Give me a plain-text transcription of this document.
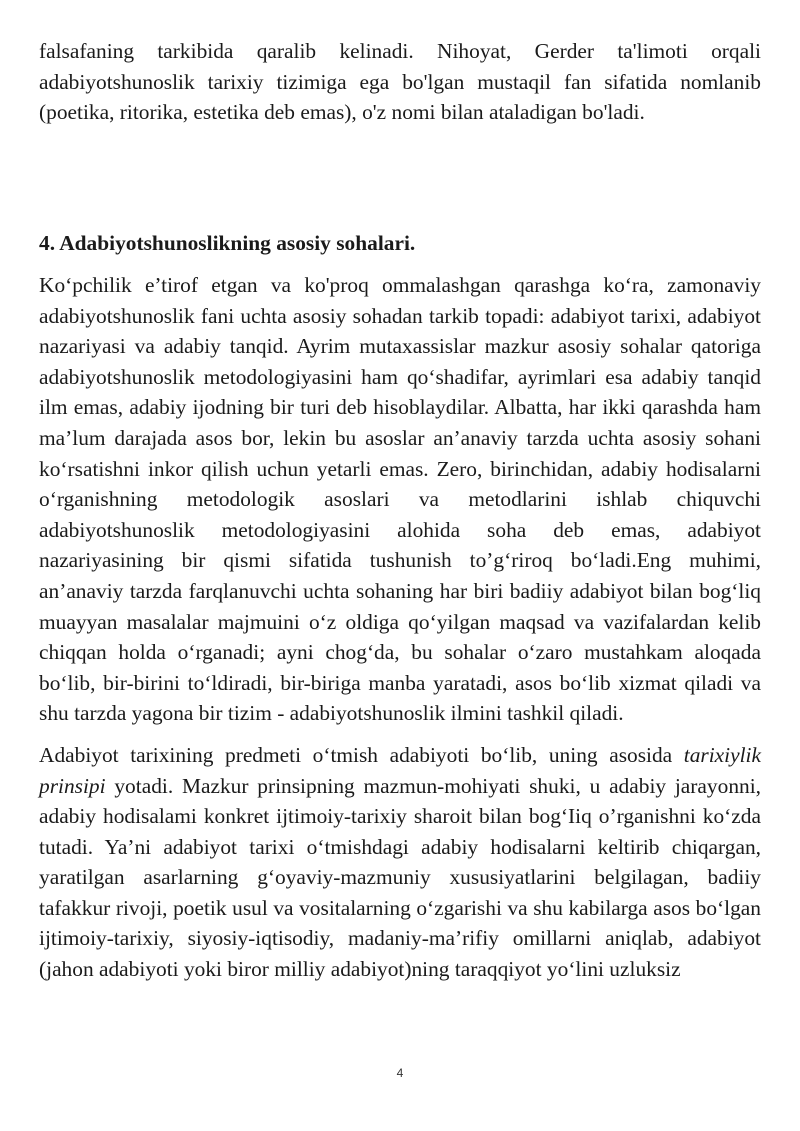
falsafaning tarkibida qaralib kelinadi. Nihoyat, Gerder ta'limoti orqali adabiyotshunoslik tarixiy tizimiga ega bo'lgan mustaqil fan sifatida nomlanib (poetika, ritorika, estetika deb emas), o'z nomi bilan ataladigan bo'ladi.

4. Adabiyotshunoslikning asosiy sohalari.

Ko‘pchilik e’tirof etgan va ko'proq ommalashgan qarashga ko‘ra, zamonaviy adabiyotshunoslik fani uchta asosiy sohadan tarkib topadi: adabiyot tarixi, adabiyot nazariyasi va adabiy tanqid. Ayrim mutaxassislar mazkur asosiy sohalar qatoriga adabiyotshunoslik metodologiyasini ham qo‘shadifar, ayrimlari esa adabiy tanqid ilm emas, adabiy ijodning bir turi deb hisoblaydilar. Albatta, har ikki qarashda ham ma’lum darajada asos bor, lekin bu asoslar an’anaviy tarzda uchta asosiy sohani ko‘rsatishni inkor qilish uchun yetarli emas. Zero, birinchidan, adabiy hodisalarni o‘rganishning metodologik asoslari va metodlarini ishlab chiquvchi adabiyotshunoslik metodologiyasini alohida soha deb emas, adabiyot nazariyasining bir qismi sifatida tushunish to’g‘riroq bo‘ladi.Eng muhimi, an’anaviy tarzda farqlanuvchi uchta sohaning har biri badiiy adabiyot bilan bog‘liq muayyan masalalar majmuini o‘z oldiga qo‘yilgan maqsad va vazifalardan kelib chiqqan holda o‘rganadi; ayni chog‘da, bu sohalar o‘zaro mustahkam aloqada bo‘lib, bir-birini to‘ldiradi, bir-biriga manba yaratadi, asos bo‘lib xizmat qiladi va shu tarzda yagona bir tizim - adabiyotshunoslik ilmini tashkil qiladi.

Adabiyot tarixining predmeti o‘tmish adabiyoti bo‘lib, uning asosida tarixiylik prinsipi yotadi. Mazkur prinsipning mazmun-mohiyati shuki, u adabiy jarayonni, adabiy hodisalami konkret ijtimoiy-tarixiy sharoit bilan bog‘Iiq o’rganishni ko‘zda tutadi. Ya’ni adabiyot tarixi o‘tmishdagi adabiy hodisalarni keltirib chiqargan, yaratilgan asarlarning g‘oyaviy-mazmuniy xususiyatlarini belgilagan, badiiy tafakkur rivoji, poetik usul va vositalarning o‘zgarishi va shu kabilarga asos bo‘lgan ijtimoiy-tarixiy, siyosiy-iqtisodiy, madaniy-ma’rifiy omillarni aniqlab, adabiyot (jahon adabiyoti yoki biror milliy adabiyot)ning taraqqiyot yo‘lini uzluksiz

4
